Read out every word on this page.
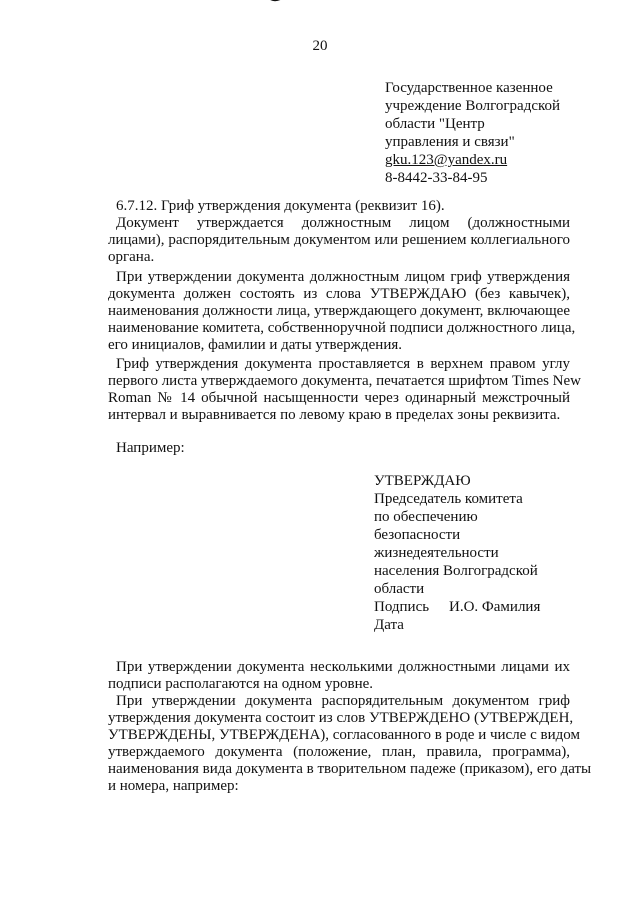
20
Государственное казенное
учреждение Волгоградской
области "Центр
управления и связи"
gku.123@yandex.ru
8-8442-33-84-95
6.7.12. Гриф утверждения документа (реквизит 16).
Документ утверждается должностным лицом (должностными
лицами), распорядительным документом или решением коллегиального
органа.
При утверждении документа должностным лицом гриф утверждения
документа должен состоять из слова УТВЕРЖДАЮ (без кавычек),
наименования должности лица, утверждающего документ, включающее
наименование комитета, собственноручной подписи должностного лица,
его инициалов, фамилии и даты утверждения.
Гриф утверждения документа проставляется в верхнем правом углу
первого листа утверждаемого документа, печатается шрифтом Times New
Roman № 14 обычной насыщенности через одинарный межстрочный
интервал и выравнивается по левому краю в пределах зоны реквизита.
Например:
УТВЕРЖДАЮ
Председатель комитета
по обеспечению
безопасности
жизнедеятельности
населения Волгоградской
области
Подпись	И.О. Фамилия
Дата
При утверждении документа несколькими должностными лицами их
подписи располагаются на одном уровне.
При утверждении документа распорядительным документом гриф
утверждения документа состоит из слов УТВЕРЖДЕНО (УТВЕРЖДЕН,
УТВЕРЖДЕНЫ, УТВЕРЖДЕНА), согласованного в роде и числе с видом
утверждаемого документа (положение, план, правила, программа),
наименования вида документа в творительном падеже (приказом), его даты
и номера, например:
